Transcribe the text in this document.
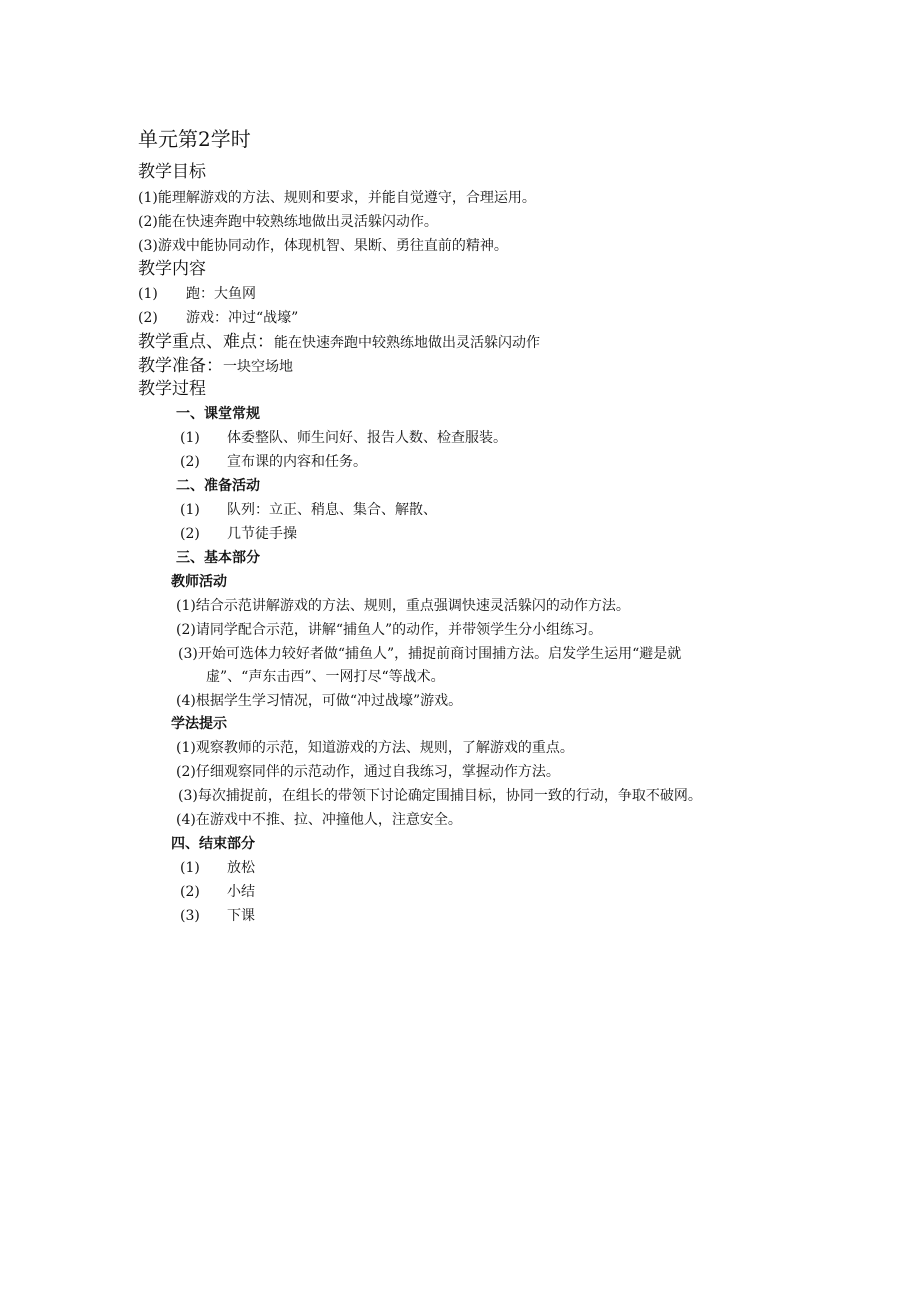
单元第2学时
教学目标
(1)能理解游戏的方法、规则和要求，并能自觉遵守，合理运用。
(2)能在快速奔跑中较熟练地做出灵活躲闪动作。
(3)游戏中能协同动作，体现机智、果断、勇往直前的精神。
教学内容
(1) 跑：大鱼网
(2) 游戏：冲过“战壕”
教学重点、难点：能在快速奔跑中较熟练地做出灵活躲闪动作
教学准备：一块空场地
教学过程
一、课堂常规
(1) 体委整队、师生问好、报告人数、检查服装。
(2) 宣布课的内容和任务。
二、准备活动
(1) 队列：立正、稍息、集合、解散、
(2) 几节徒手操
三、基本部分
教师活动
(1)结合示范讲解游戏的方法、规则，重点强调快速灵活躲闪的动作方法。
(2)请同学配合示范，讲解“捕鱼人”的动作，并带领学生分小组练习。
(3)开始可选体力较好者做“捕鱼人”，捕捉前商讨围捕方法。启发学生运用“避是就
虚”、“声东击西”、一网打尽“等战术。
(4)根据学生学习情况，可做“冲过战壕”游戏。
学法提示
(1)观察教师的示范，知道游戏的方法、规则，了解游戏的重点。
(2)仔细观察同伴的示范动作，通过自我练习，掌握动作方法。
(3)每次捕捉前，在组长的带领下讨论确定围捕目标，协同一致的行动，争取不破网。
(4)在游戏中不推、拉、冲撞他人，注意安全。
四、结束部分
(1) 放松
(2) 小结
(3) 下课
